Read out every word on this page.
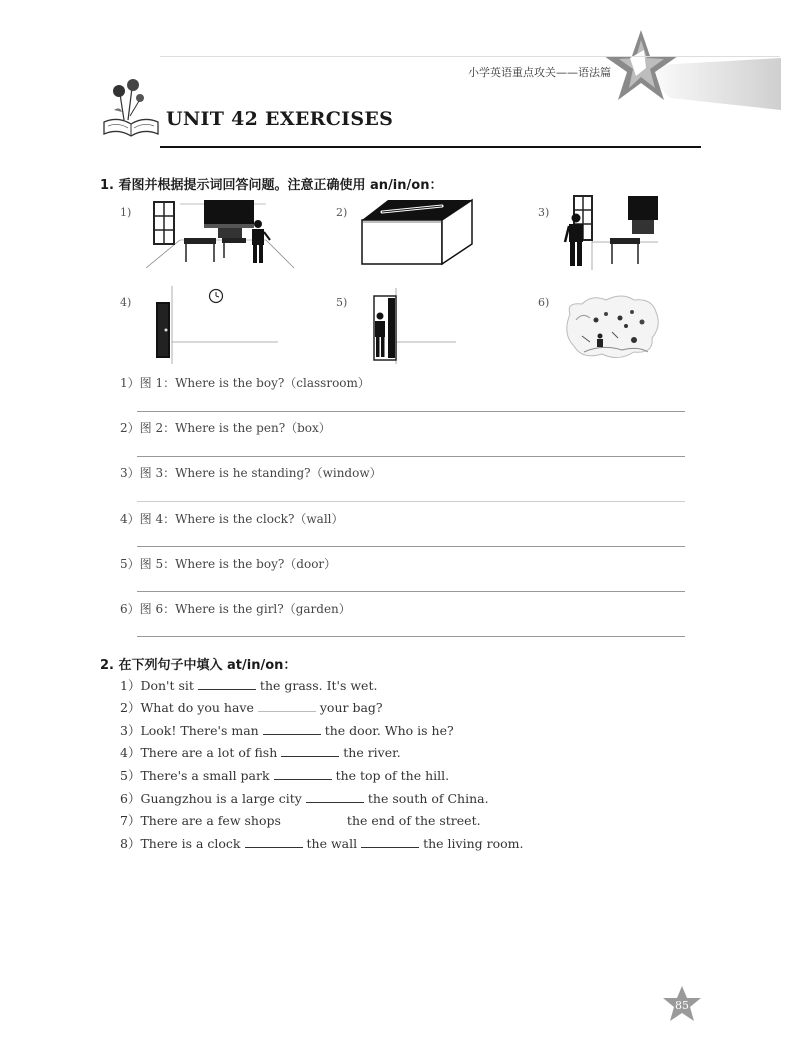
小学英语重点攻关——语法篇
UNIT 42 EXERCISES
1. 看图并根据提示词回答问题。注意正确使用 an/in/on：
1)	2)	3)
4)	5)	6)
1）图 1：Where is the boy?（classroom）
2）图 2：Where is the pen?（box）
3）图 3：Where is he standing?（window）
4）图 4：Where is the clock?（wall）
5）图 5：Where is the boy?（door）
6）图 6：Where is the girl?（garden）
2. 在下列句子中填入 at/in/on：
1）Don't sit	the grass. It's wet.
2）What do you have	your bag?
3）Look! There's man	the door. Who is he?
4）There are a lot of fish	the river.
5）There's a small park	the top of the hill.
6）Guangzhou is a large city	the south of China.
7）There are a few shops	the end of the street.
8）There is a clock	the wall	the living room.
85
